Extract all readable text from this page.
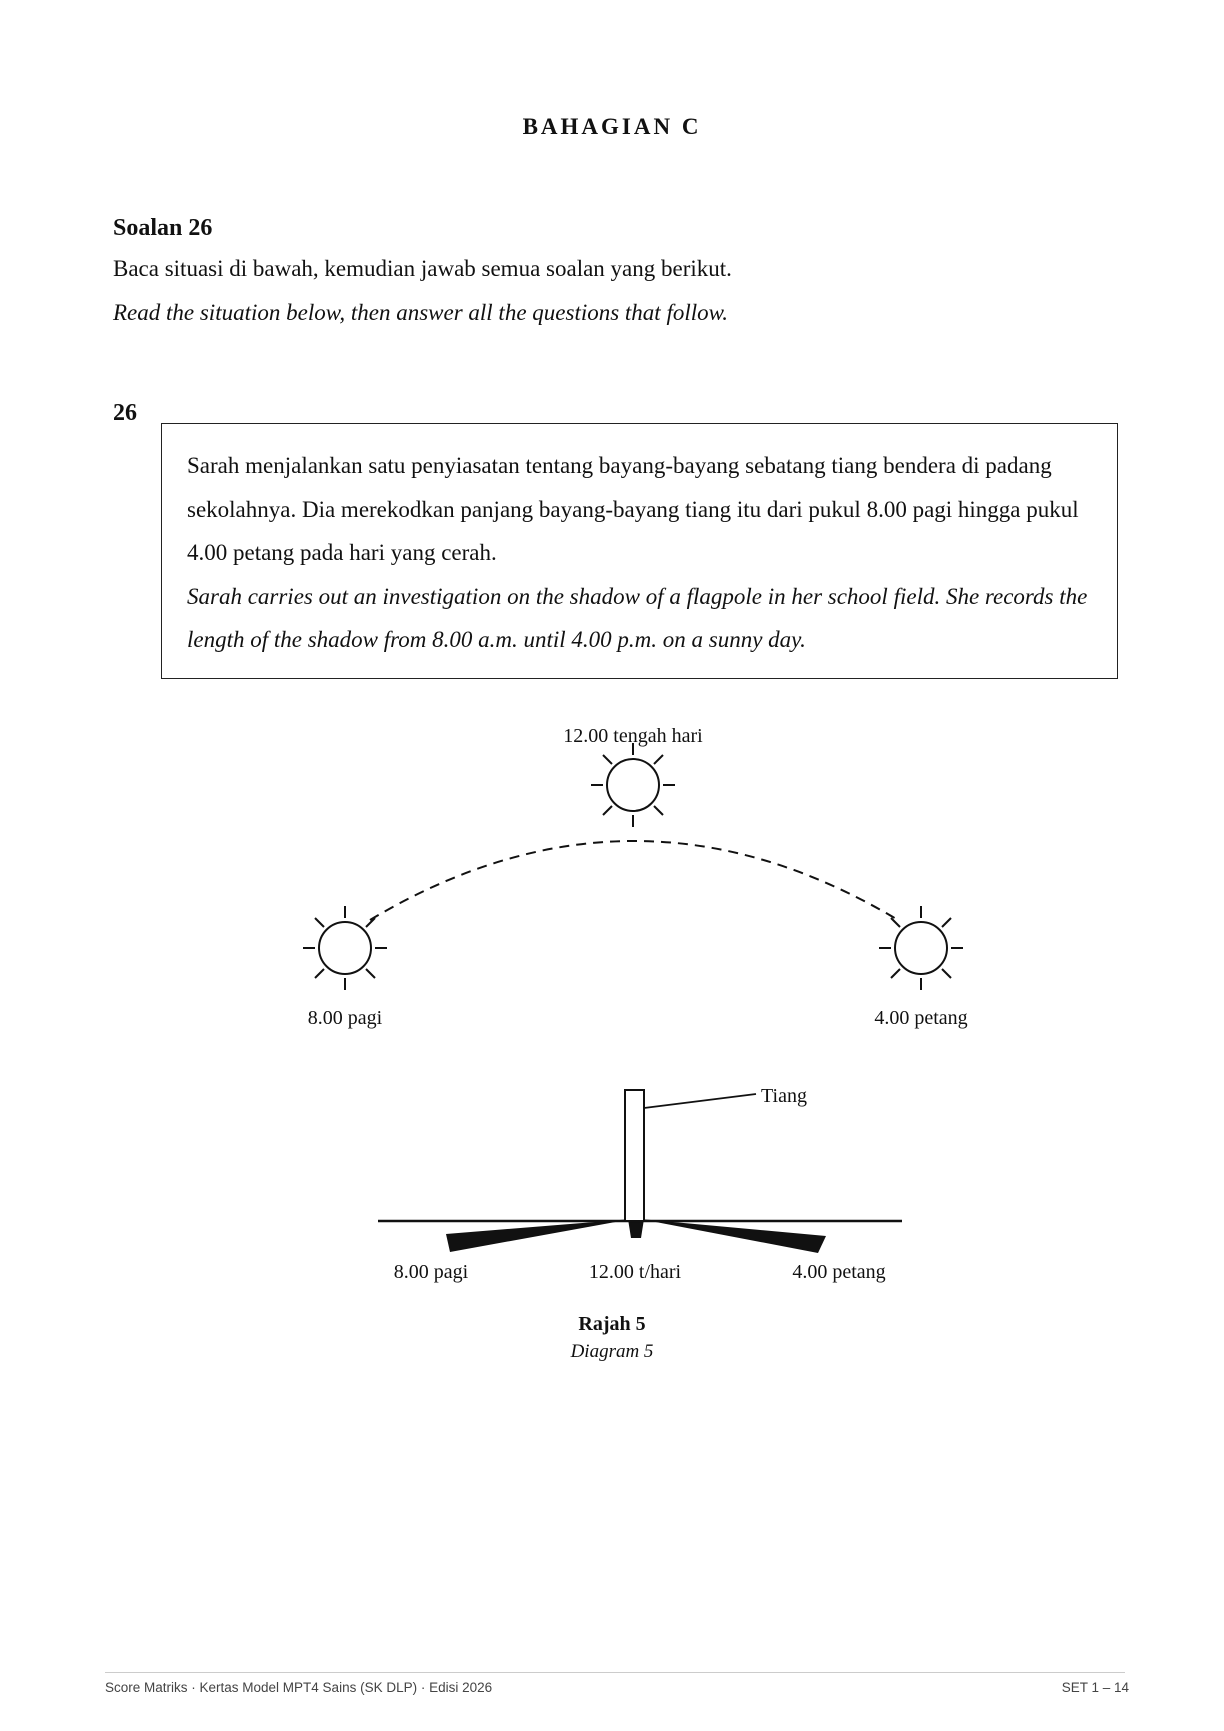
BAHAGIAN C
Soalan 26
Baca situasi di bawah, kemudian jawab semua soalan yang berikut.
Read the situation below, then answer all the questions that follow.
26

Sarah menjalankan satu penyiasatan tentang bayang-bayang sebatang tiang bendera di padang sekolahnya. Dia merekodkan panjang bayang-bayang tiang itu dari pukul 8.00 pagi hingga pukul 4.00 petang pada hari yang cerah.

Sarah carries out an investigation on the shadow of a flagpole in her school field. She records the length of the shadow from 8.00 a.m. until 4.00 p.m. on a sunny day.

12.00 tengah hari
8.00 pagi	4.00 petang
Tiang
8.00 pagi	12.00 t/hari	4.00 petang
Rajah 5
Diagram 5
Score Matriks · Kertas Model MPT4 Sains (SK DLP) · Edisi 2026	SET 1 – 14
